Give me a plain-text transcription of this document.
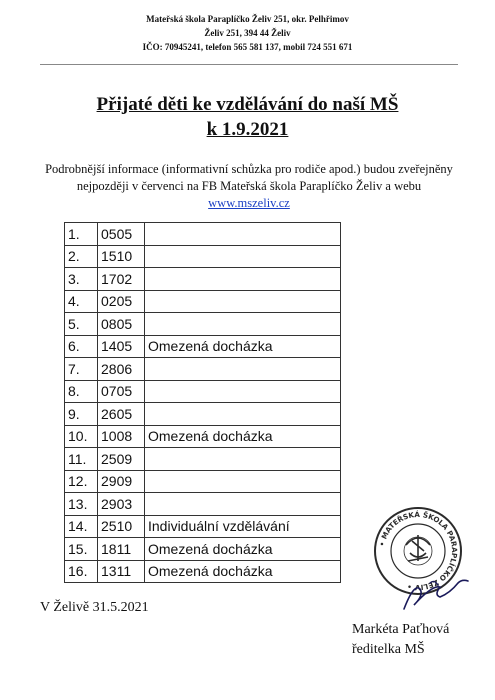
Mateřská škola Paraplíčko Želiv 251, okr. Pelhřimov
Želiv 251, 394 44 Želiv
IČO: 70945241, telefon 565 581 137, mobil 724 551 671
Přijaté děti ke vzdělávání do naší MŠ
k 1.9.2021
Podrobnější informace (informativní schůzka pro rodiče apod.) budou zveřejněny nejpozději v červenci na FB Mateřská škola Paraplíčko Želiv a webu www.mszeliv.cz
1.	0505	
2.	1510	
3.	1702	
4.	0205	
5.	0805	
6.	1405	Omezená docházka
7.	2806	
8.	0705	
9.	2605	
10.	1008	Omezená docházka
11.	2509	
12.	2909	
13.	2903	
14.	2510	Individuální vzdělávání
15.	1811	Omezená docházka
16.	1311	Omezená docházka
V Želivě 31.5.2021
• MATEŘSKÁ ŠKOLA PARAPLÍČKO ŽELIV •
Markéta Paťhová
ředitelka MŠ
